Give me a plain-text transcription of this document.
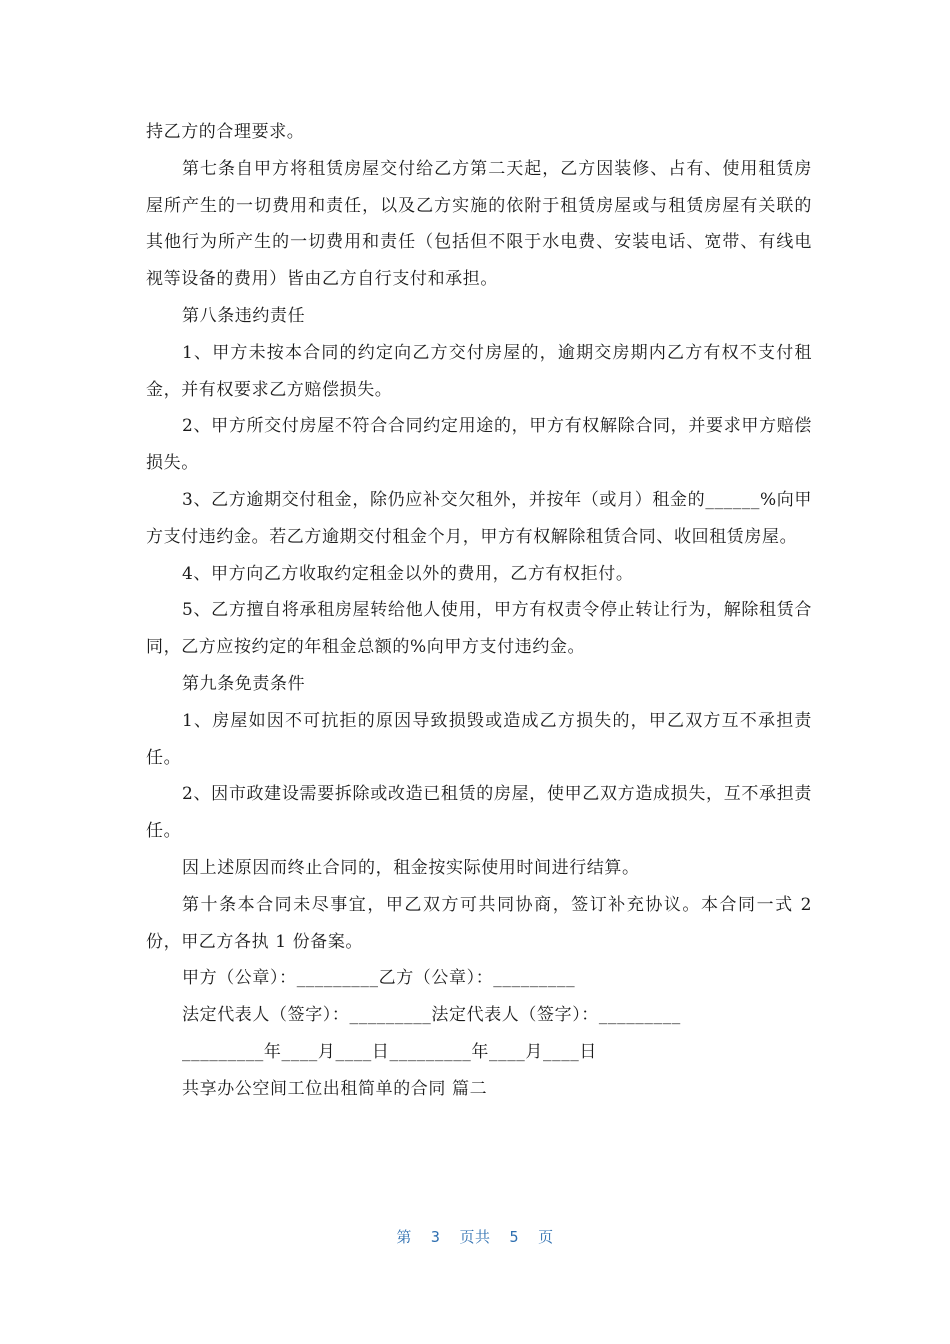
持乙方的合理要求。

第七条自甲方将租赁房屋交付给乙方第二天起，乙方因装修、占有、使用租赁房屋所产生的一切费用和责任，以及乙方实施的依附于租赁房屋或与租赁房屋有关联的其他行为所产生的一切费用和责任（包括但不限于水电费、安装电话、宽带、有线电视等设备的费用）皆由乙方自行支付和承担。

第八条违约责任

1、甲方未按本合同的约定向乙方交付房屋的，逾期交房期内乙方有权不支付租金，并有权要求乙方赔偿损失。

2、甲方所交付房屋不符合合同约定用途的，甲方有权解除合同，并要求甲方赔偿损失。

3、乙方逾期交付租金，除仍应补交欠租外，并按年（或月）租金的______%向甲方支付违约金。若乙方逾期交付租金个月，甲方有权解除租赁合同、收回租赁房屋。

4、甲方向乙方收取约定租金以外的费用，乙方有权拒付。

5、乙方擅自将承租房屋转给他人使用，甲方有权责令停止转让行为，解除租赁合同，乙方应按约定的年租金总额的%向甲方支付违约金。

第九条免责条件

1、房屋如因不可抗拒的原因导致损毁或造成乙方损失的，甲乙双方互不承担责任。

2、因市政建设需要拆除或改造已租赁的房屋，使甲乙双方造成损失，互不承担责任。

因上述原因而终止合同的，租金按实际使用时间进行结算。

第十条本合同未尽事宜，甲乙双方可共同协商，签订补充协议。本合同一式 2 份，甲乙方各执 1 份备案。

甲方（公章）：_________乙方（公章）：_________

法定代表人（签字）：_________法定代表人（签字）：_________

_________年____月____日_________年____月____日

共享办公空间工位出租简单的合同 篇二

第  3  页共  5  页
